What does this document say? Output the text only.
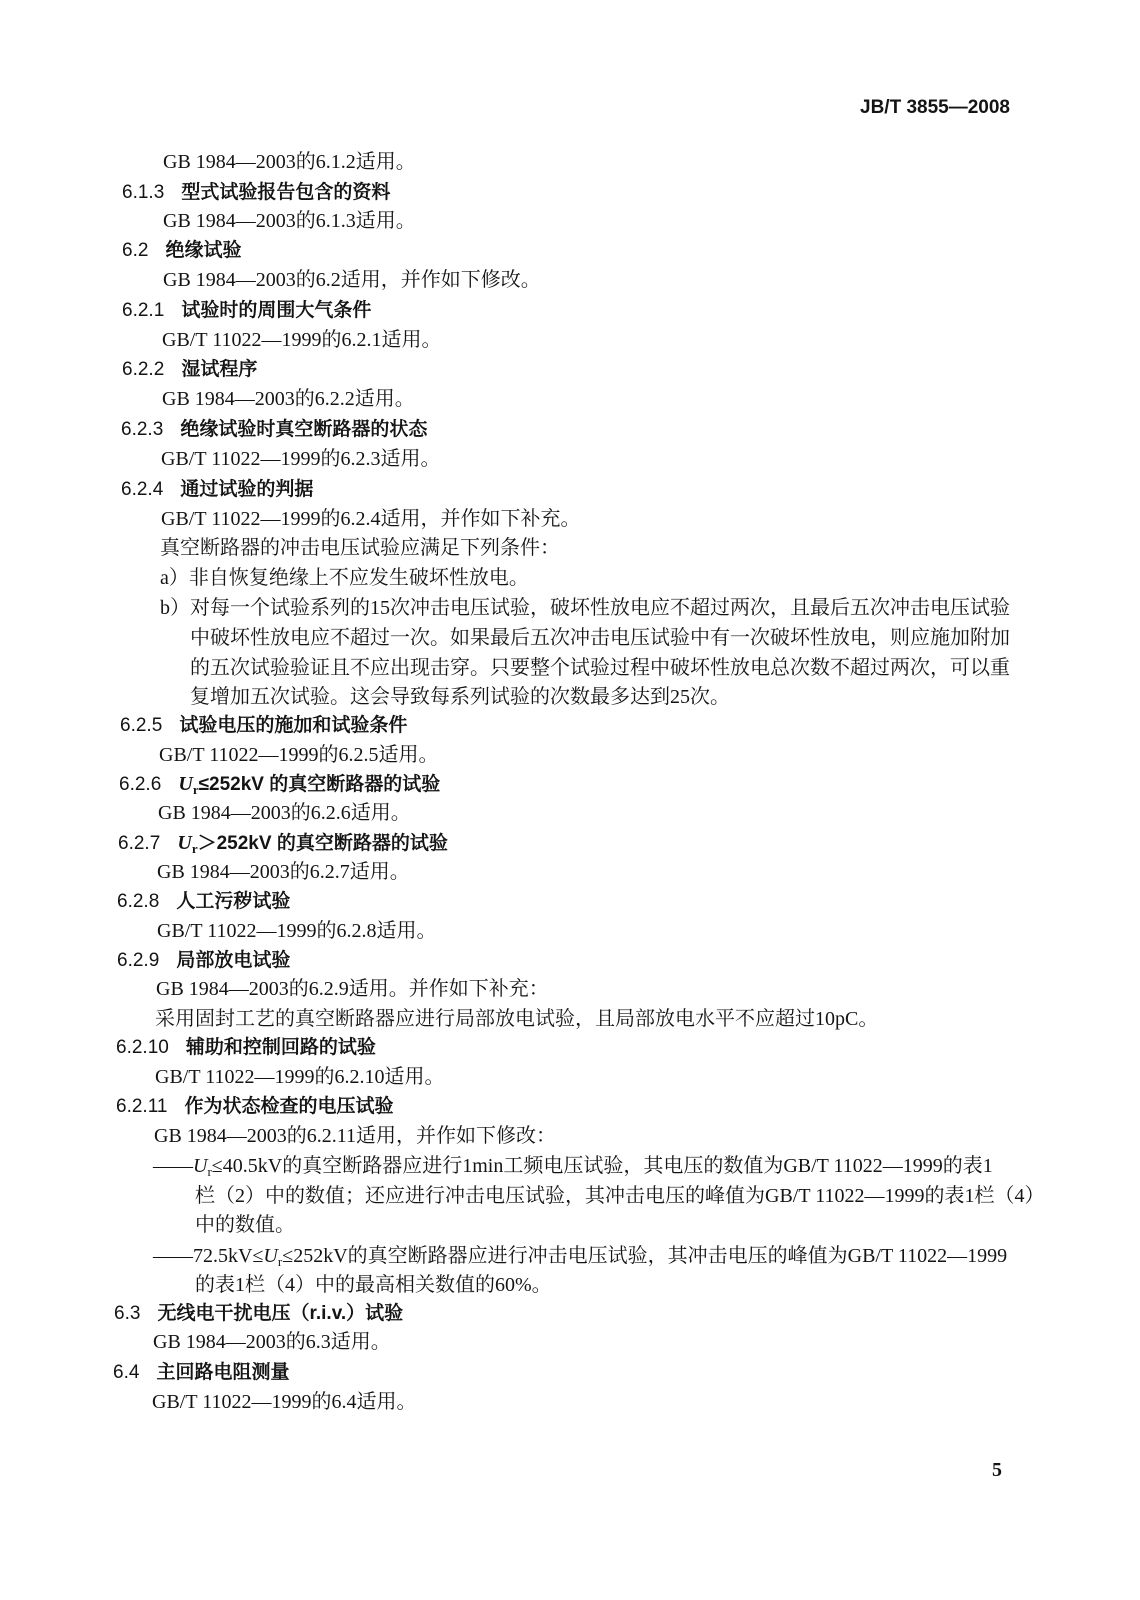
JB/T 3855—2008
GB 1984—2003的6.1.2适用。
6.1.3 型式试验报告包含的资料
GB 1984—2003的6.1.3适用。
6.2 绝缘试验
GB 1984—2003的6.2适用，并作如下修改。
6.2.1 试验时的周围大气条件
GB/T 11022—1999的6.2.1适用。
6.2.2 湿试程序
GB 1984—2003的6.2.2适用。
6.2.3 绝缘试验时真空断路器的状态
GB/T 11022—1999的6.2.3适用。
6.2.4 通过试验的判据
GB/T 11022—1999的6.2.4适用，并作如下补充。
真空断路器的冲击电压试验应满足下列条件：
a）非自恢复绝缘上不应发生破坏性放电。
b）对每一个试验系列的15次冲击电压试验，破坏性放电应不超过两次，且最后五次冲击电压试验
中破坏性放电应不超过一次。如果最后五次冲击电压试验中有一次破坏性放电，则应施加附加
的五次试验验证且不应出现击穿。只要整个试验过程中破坏性放电总次数不超过两次，可以重
复增加五次试验。这会导致每系列试验的次数最多达到25次。
6.2.5 试验电压的施加和试验条件
GB/T 11022—1999的6.2.5适用。
6.2.6 $U_r\le 252kV$ 的真空断路器的试验
GB 1984—2003的6.2.6适用。
6.2.7 $U_r>252kV$ 的真空断路器的试验
GB 1984—2003的6.2.7适用。
6.2.8 人工污秽试验
GB/T 11022—1999的6.2.8适用。
6.2.9 局部放电试验
GB 1984—2003的6.2.9适用。并作如下补充：
采用固封工艺的真空断路器应进行局部放电试验，且局部放电水平不应超过10pC。
6.2.10 辅助和控制回路的试验
GB/T 11022—1999的6.2.10适用。
6.2.11 作为状态检查的电压试验
GB 1984—2003的6.2.11适用，并作如下修改：
$——U_r\le 40.5kV$的真空断路器应进行1min工频电压试验，其电压的数值为GB/T 11022—1999的表1
栏（2）中的数值；还应进行冲击电压试验，其冲击电压的峰值为GB/T 11022—1999的表1栏（4）
中的数值。
$——72.5kV\le U_r\le 252kV$的真空断路器应进行冲击电压试验，其冲击电压的峰值为GB/T 11022—1999
的表1栏（4）中的最高相关数值的60%。
6.3 无线电干扰电压（r.i.v.）试验
GB 1984—2003的6.3适用。
6.4 主回路电阻测量
GB/T 11022—1999的6.4适用。
5
